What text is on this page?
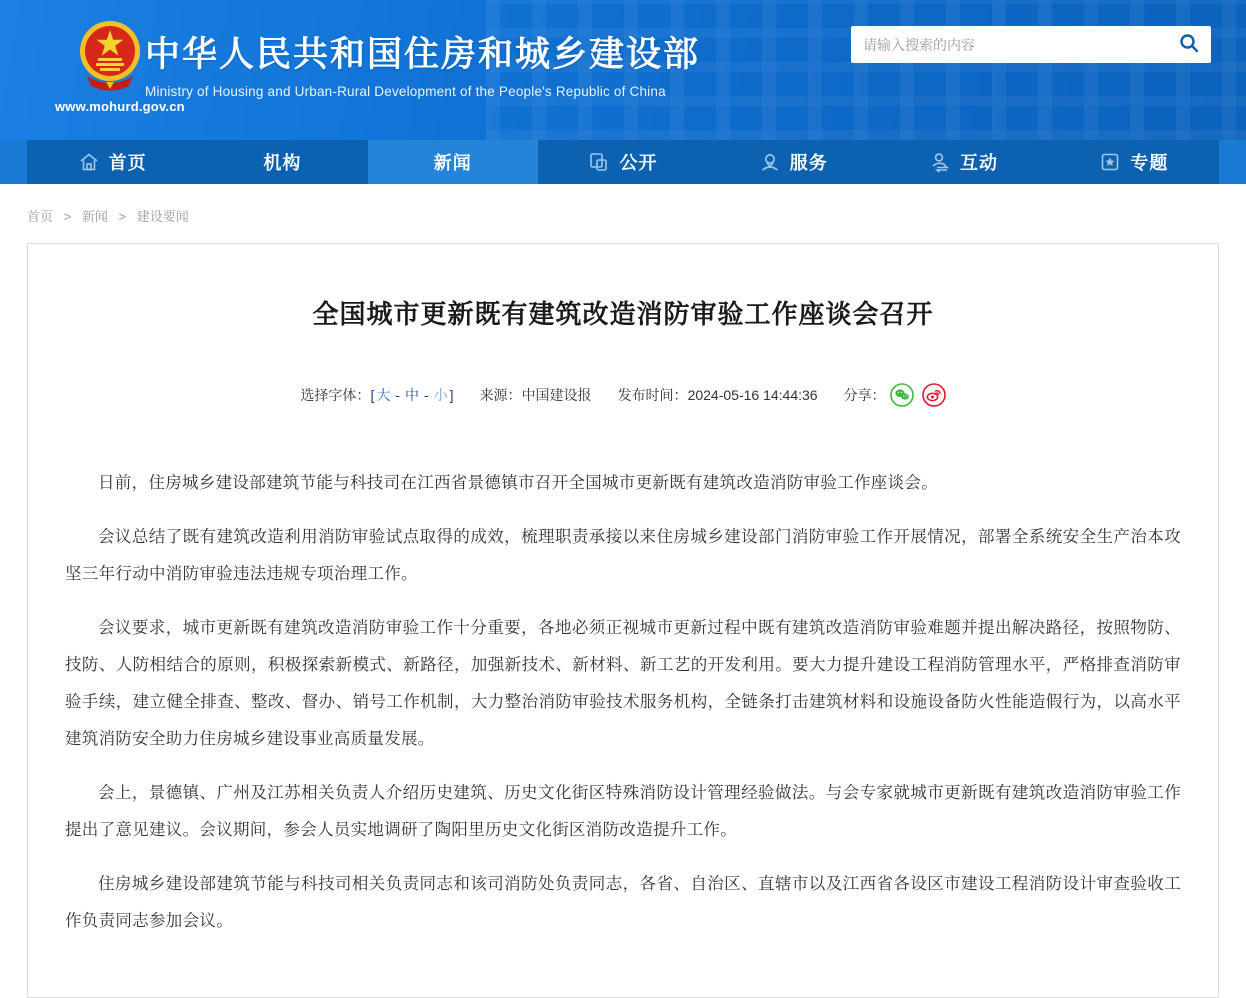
www.mohurd.gov.cn
中华人民共和国住房和城乡建设部
Ministry of Housing and Urban-Rural Development of the People's Republic of China
请输入搜索的内容
首页	机构	新闻	公开	服务	互动	专题
首页 > 新闻 > 建设要闻
全国城市更新既有建筑改造消防审验工作座谈会召开
选择字体： [ 大 - 中 - 小 ] 来源： 中国建设报 发布时间： 2024-05-16 14:44:36 分享：

日前，住房城乡建设部建筑节能与科技司在江西省景德镇市召开全国城市更新既有建筑改造消防审验工作座谈会。

会议总结了既有建筑改造利用消防审验试点取得的成效，梳理职责承接以来住房城乡建设部门消防审验工作开展情况，部署全系统安全生产治本攻坚三年行动中消防审验违法违规专项治理工作。

会议要求，城市更新既有建筑改造消防审验工作十分重要，各地必须正视城市更新过程中既有建筑改造消防审验难题并提出解决路径，按照物防、技防、人防相结合的原则，积极探索新模式、新路径，加强新技术、新材料、新工艺的开发利用。要大力提升建设工程消防管理水平，严格排查消防审验手续，建立健全排查、整改、督办、销号工作机制，大力整治消防审验技术服务机构，全链条打击建筑材料和设施设备防火性能造假行为，以高水平建筑消防安全助力住房城乡建设事业高质量发展。

会上，景德镇、广州及江苏相关负责人介绍历史建筑、历史文化街区特殊消防设计管理经验做法。与会专家就城市更新既有建筑改造消防审验工作提出了意见建议。会议期间，参会人员实地调研了陶阳里历史文化街区消防改造提升工作。

住房城乡建设部建筑节能与科技司相关负责同志和该司消防处负责同志，各省、自治区、直辖市以及江西省各设区市建设工程消防设计审查验收工作负责同志参加会议。
